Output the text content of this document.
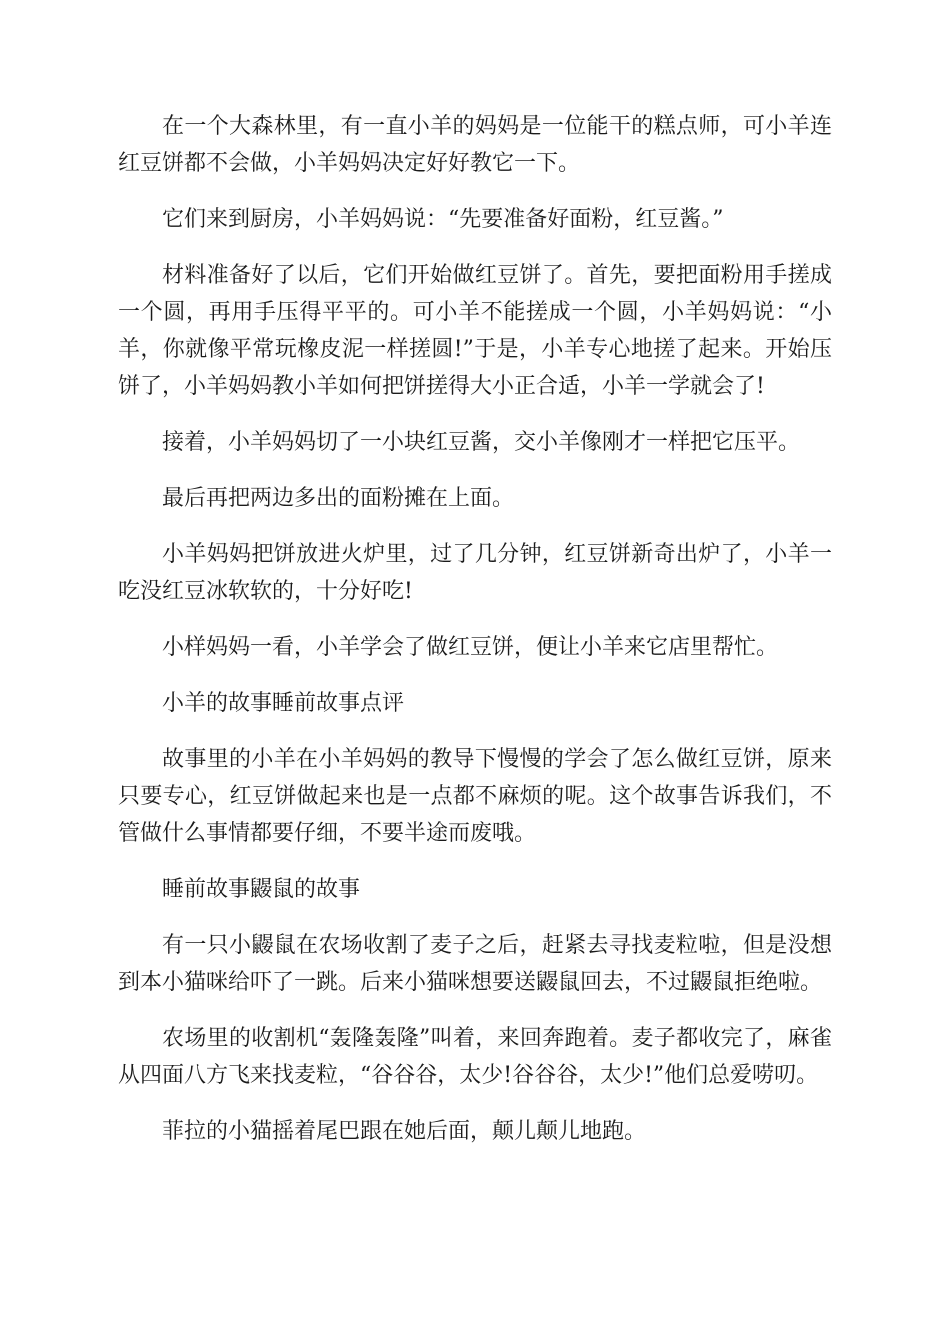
在一个大森林里，有一直小羊的妈妈是一位能干的糕点师，可小羊连红豆饼都不会做，小羊妈妈决定好好教它一下。

它们来到厨房，小羊妈妈说：“先要准备好面粉，红豆酱。”

材料准备好了以后，它们开始做红豆饼了。首先，要把面粉用手搓成一个圆，再用手压得平平的。可小羊不能搓成一个圆，小羊妈妈说：“小羊，你就像平常玩橡皮泥一样搓圆!”于是，小羊专心地搓了起来。开始压饼了，小羊妈妈教小羊如何把饼搓得大小正合适，小羊一学就会了!

接着，小羊妈妈切了一小块红豆酱，交小羊像刚才一样把它压平。

最后再把两边多出的面粉摊在上面。

小羊妈妈把饼放进火炉里，过了几分钟，红豆饼新奇出炉了，小羊一吃没红豆冰软软的，十分好吃!

小样妈妈一看，小羊学会了做红豆饼，便让小羊来它店里帮忙。

小羊的故事睡前故事点评

故事里的小羊在小羊妈妈的教导下慢慢的学会了怎么做红豆饼，原来只要专心，红豆饼做起来也是一点都不麻烦的呢。这个故事告诉我们，不管做什么事情都要仔细，不要半途而废哦。

睡前故事鼹鼠的故事

有一只小鼹鼠在农场收割了麦子之后，赶紧去寻找麦粒啦，但是没想到本小猫咪给吓了一跳。后来小猫咪想要送鼹鼠回去，不过鼹鼠拒绝啦。

农场里的收割机“轰隆轰隆”叫着，来回奔跑着。麦子都收完了，麻雀从四面八方飞来找麦粒，“谷谷谷，太少!谷谷谷，太少!”他们总爱唠叨。

菲拉的小猫摇着尾巴跟在她后面，颠儿颠儿地跑。
